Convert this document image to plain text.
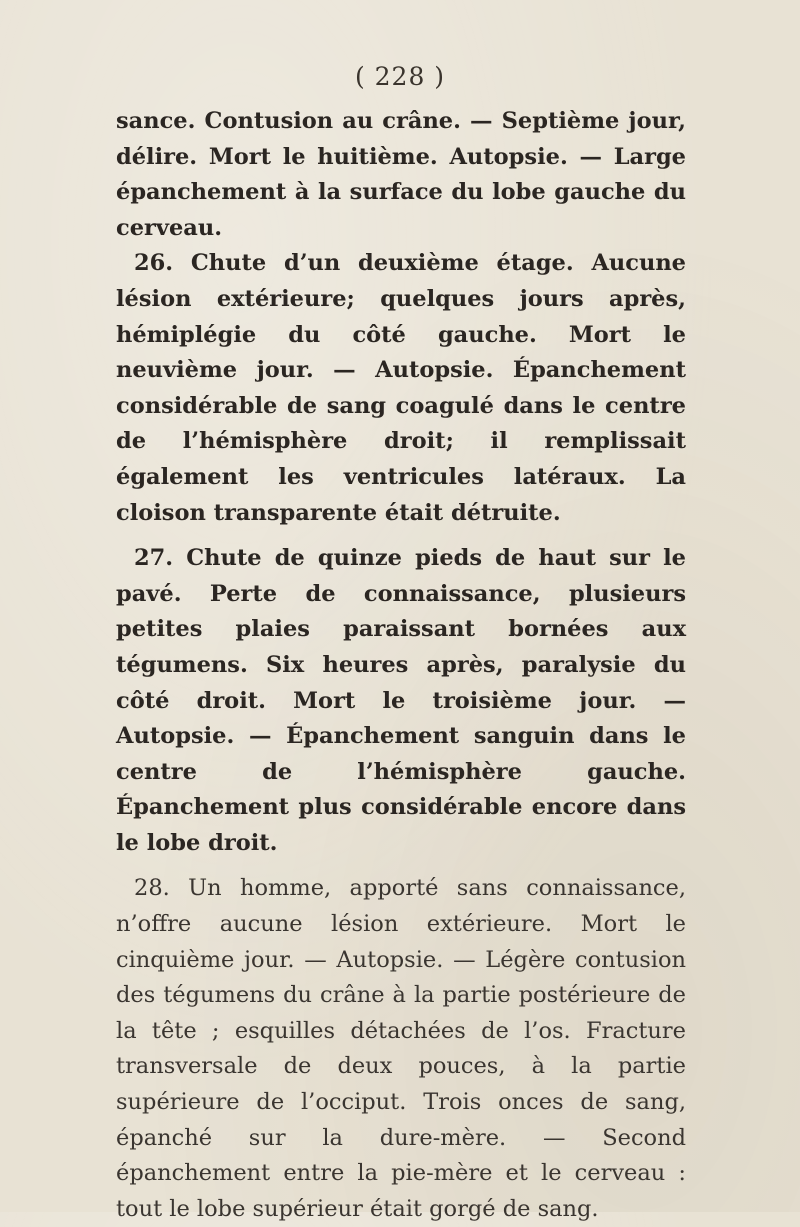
( 228 )

sance. Contusion au crâne. — Septième jour, délire. Mort le huitième. Autopsie. — Large épanchement à la surface du lobe gauche du cerveau.

26. Chute d’un deuxième étage. Aucune lésion extérieure; quelques jours après, hémiplégie du côté gauche. Mort le neuvième jour. — Autopsie. Épanchement considérable de sang coagulé dans le centre de l’hémisphère droit; il remplissait également les ventricules latéraux. La cloison transparente était détruite.

27. Chute de quinze pieds de haut sur le pavé. Perte de connaissance, plusieurs petites plaies paraissant bornées aux tégumens. Six heures après, paralysie du côté droit. Mort le troisième jour. — Autopsie. — Épanchement sanguin dans le centre de l’hémisphère gauche. Épanchement plus considérable encore dans le lobe droit.

28. Un homme, apporté sans connaissance, n’offre aucune lésion extérieure. Mort le cinquième jour. — Autopsie. — Légère contusion des tégumens du crâne à la partie postérieure de la tête ; esquilles détachées de l’os. Fracture transversale de deux pouces, à la partie supérieure de l’occiput. Trois onces de sang, épanché sur la dure-mère. — Second épanchement entre la pie-mère et le cerveau : tout le lobe supérieur était gorgé de sang.
